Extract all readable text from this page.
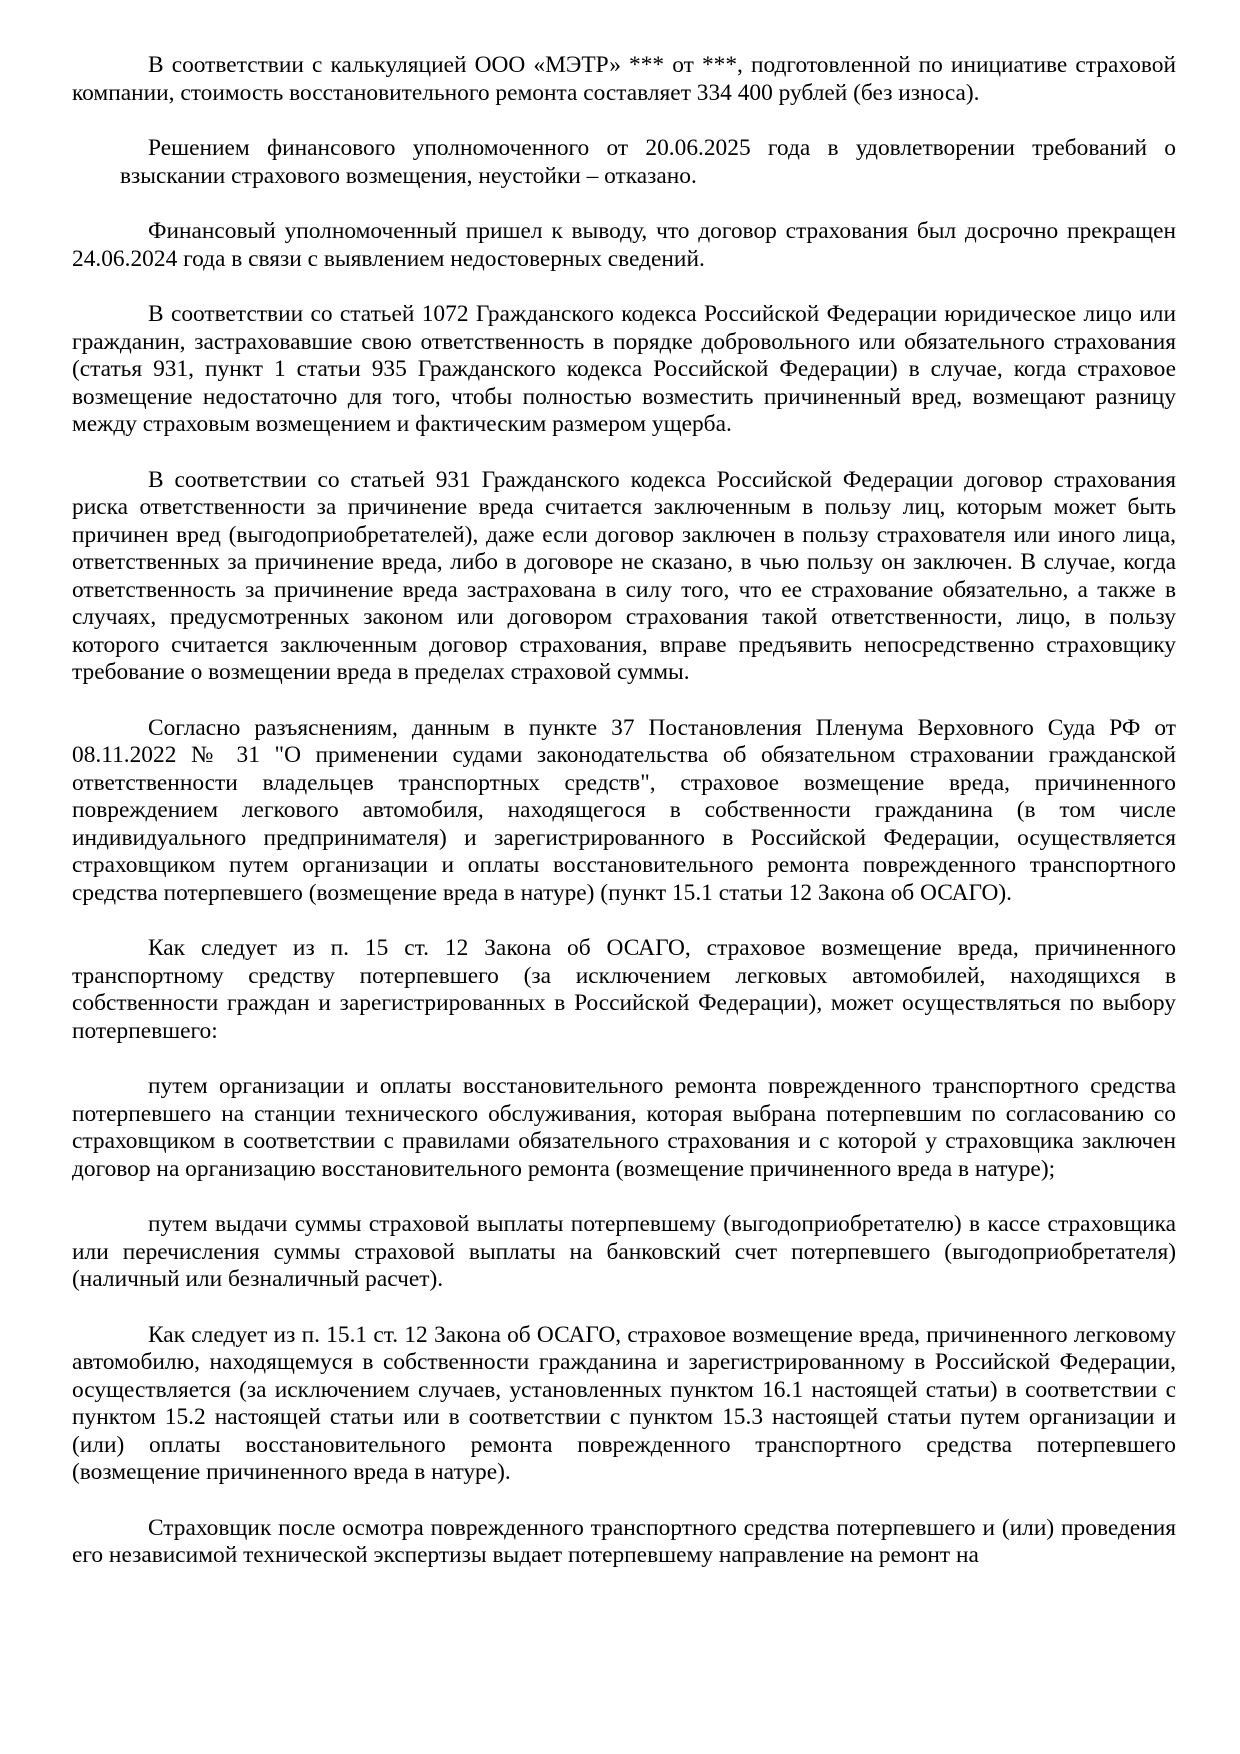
В соответствии с калькуляцией ООО «МЭТР» *** от ***, подготовленной по инициативе страховой компании, стоимость восстановительного ремонта составляет 334 400 рублей (без износа).

Решением финансового уполномоченного от 20.06.2025 года в удовлетворении требований о взыскании страхового возмещения, неустойки – отказано.

Финансовый уполномоченный пришел к выводу, что договор страхования был досрочно прекращен 24.06.2024 года в связи с выявлением недостоверных сведений.

В соответствии со статьей 1072 Гражданского кодекса Российской Федерации юридическое лицо или гражданин, застраховавшие свою ответственность в порядке добровольного или обязательного страхования (статья 931, пункт 1 статьи 935 Гражданского кодекса Российской Федерации) в случае, когда страховое возмещение недостаточно для того, чтобы полностью возместить причиненный вред, возмещают разницу между страховым возмещением и фактическим размером ущерба.

В соответствии со статьей 931 Гражданского кодекса Российской Федерации договор страхования риска ответственности за причинение вреда считается заключенным в пользу лиц, которым может быть причинен вред (выгодоприобретателей), даже если договор заключен в пользу страхователя или иного лица, ответственных за причинение вреда, либо в договоре не сказано, в чью пользу он заключен. В случае, когда ответственность за причинение вреда застрахована в силу того, что ее страхование обязательно, а также в случаях, предусмотренных законом или договором страхования такой ответственности, лицо, в пользу которого считается заключенным договор страхования, вправе предъявить непосредственно страховщику требование о возмещении вреда в пределах страховой суммы.

Согласно разъяснениям, данным в пункте 37 Постановления Пленума Верховного Суда РФ от 08.11.2022 № 31 "О применении судами законодательства об обязательном страховании гражданской ответственности владельцев транспортных средств", страховое возмещение вреда, причиненного повреждением легкового автомобиля, находящегося в собственности гражданина (в том числе индивидуального предпринимателя) и зарегистрированного в Российской Федерации, осуществляется страховщиком путем организации и оплаты восстановительного ремонта поврежденного транспортного средства потерпевшего (возмещение вреда в натуре) (пункт 15.1 статьи 12 Закона об ОСАГО).

Как следует из п. 15 ст. 12 Закона об ОСАГО, страховое возмещение вреда, причиненного транспортному средству потерпевшего (за исключением легковых автомобилей, находящихся в собственности граждан и зарегистрированных в Российской Федерации), может осуществляться по выбору потерпевшего:

путем организации и оплаты восстановительного ремонта поврежденного транспортного средства потерпевшего на станции технического обслуживания, которая выбрана потерпевшим по согласованию со страховщиком в соответствии с правилами обязательного страхования и с которой у страховщика заключен договор на организацию восстановительного ремонта (возмещение причиненного вреда в натуре);

путем выдачи суммы страховой выплаты потерпевшему (выгодоприобретателю) в кассе страховщика или перечисления суммы страховой выплаты на банковский счет потерпевшего (выгодоприобретателя) (наличный или безналичный расчет).

Как следует из п. 15.1 ст. 12 Закона об ОСАГО, страховое возмещение вреда, причиненного легковому автомобилю, находящемуся в собственности гражданина и зарегистрированному в Российской Федерации, осуществляется (за исключением случаев, установленных пунктом 16.1 настоящей статьи) в соответствии с пунктом 15.2 настоящей статьи или в соответствии с пунктом 15.3 настоящей статьи путем организации и (или) оплаты восстановительного ремонта поврежденного транспортного средства потерпевшего (возмещение причиненного вреда в натуре).

Страховщик после осмотра поврежденного транспортного средства потерпевшего и (или) проведения его независимой технической экспертизы выдает потерпевшему направление на ремонт на
